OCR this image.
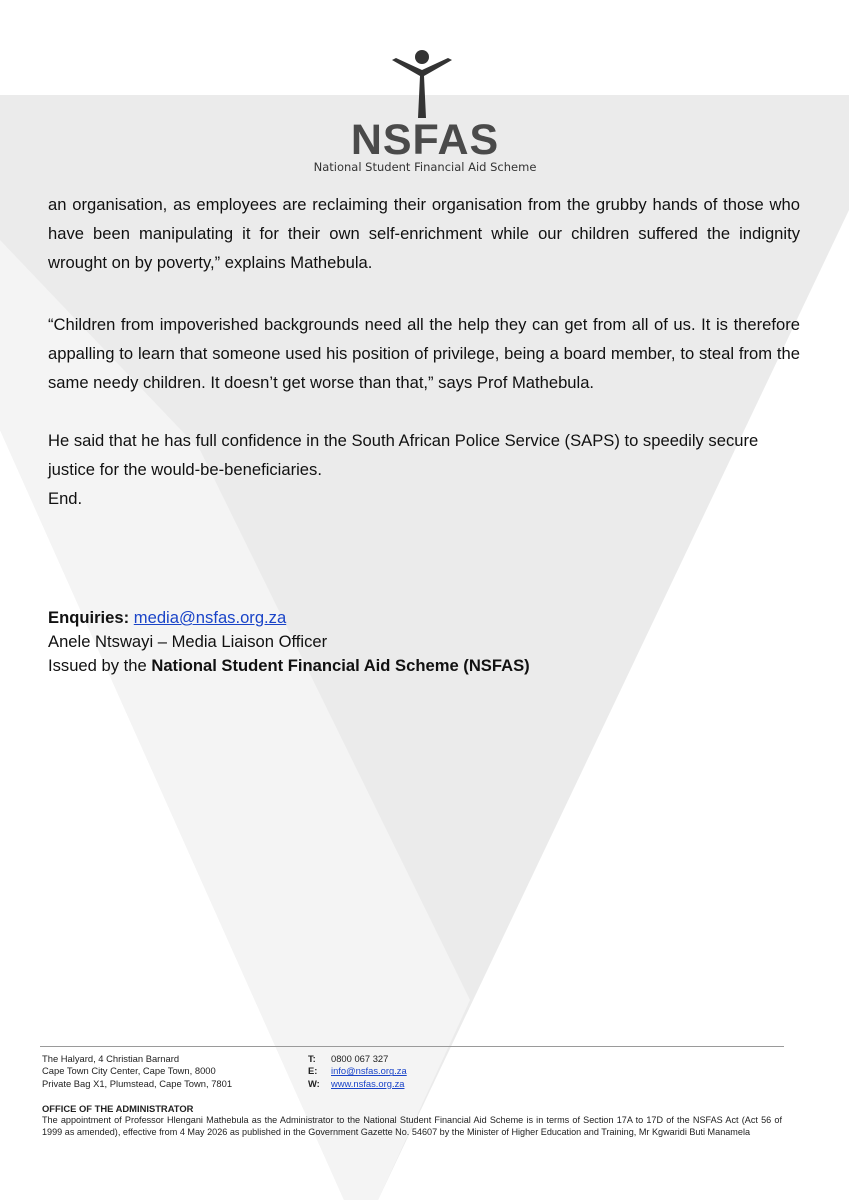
NSFAS
National Student Financial Aid Scheme

an organisation, as employees are reclaiming their organisation from the grubby hands of those who have been manipulating it for their own self-enrichment while our children suffered the indignity wrought on by poverty,” explains Mathebula.

“Children from impoverished backgrounds need all the help they can get from all of us. It is therefore appalling to learn that someone used his position of privilege, being a board member, to steal from the same needy children. It doesn’t get worse than that,” says Prof Mathebula.

He said that he has full confidence in the South African Police Service (SAPS) to speedily secure justice for the would-be-beneficiaries.
End.
Enquiries: media@nsfas.org.za
Anele Ntswayi – Media Liaison Officer
Issued by the National Student Financial Aid Scheme (NSFAS)
The Halyard, 4 Christian Barnard
Cape Town City Center, Cape Town, 8000
Private Bag X1, Plumstead, Cape Town, 7801
T:	0800 067 327
E:	info@nsfas.org.za
W:	www.nsfas.org.za
OFFICE OF THE ADMINISTRATOR
The appointment of Professor Hlengani Mathebula as the Administrator to the National Student Financial Aid Scheme is in terms of Section 17A to 17D of the NSFAS Act (Act 56 of 1999 as amended), effective from 4 May 2026 as published in the Government Gazette No. 54607 by the Minister of Higher Education and Training, Mr Kgwaridi Buti Manamela
